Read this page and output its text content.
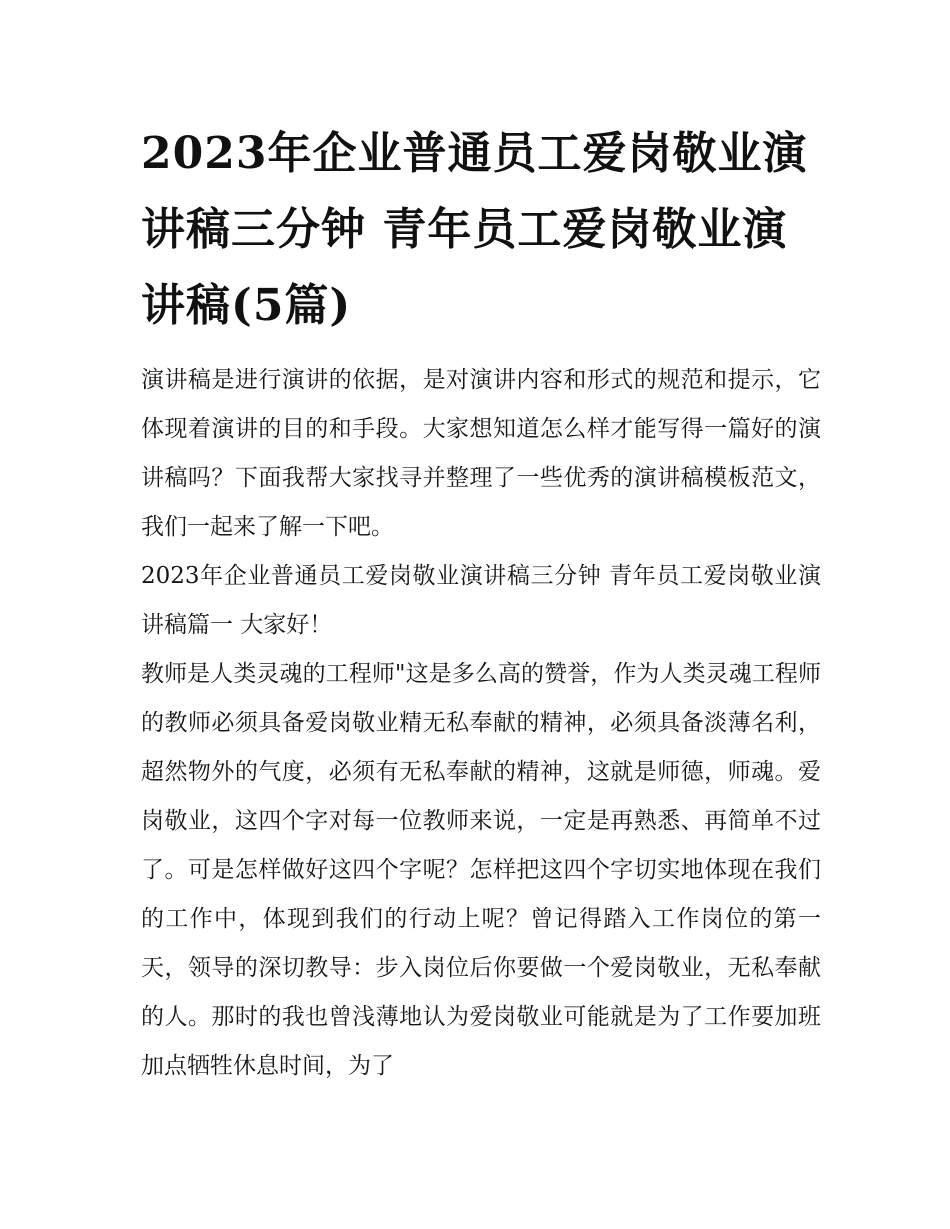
2023年企业普通员工爱岗敬业演讲稿三分钟 青年员工爱岗敬业演讲稿(5篇)

演讲稿是进行演讲的依据，是对演讲内容和形式的规范和提示，它体现着演讲的目的和手段。大家想知道怎么样才能写得一篇好的演讲稿吗？下面我帮大家找寻并整理了一些优秀的演讲稿模板范文，我们一起来了解一下吧。

2023年企业普通员工爱岗敬业演讲稿三分钟 青年员工爱岗敬业演讲稿篇一 大家好！

教师是人类灵魂的工程师"这是多么高的赞誉，作为人类灵魂工程师的教师必须具备爱岗敬业精无私奉献的精神，必须具备淡薄名利，超然物外的气度，必须有无私奉献的精神，这就是师德，师魂。爱岗敬业，这四个字对每一位教师来说，一定是再熟悉、再简单不过了。可是怎样做好这四个字呢？怎样把这四个字切实地体现在我们的工作中，体现到我们的行动上呢？曾记得踏入工作岗位的第一天，领导的深切教导：步入岗位后你要做一个爱岗敬业，无私奉献的人。那时的我也曾浅薄地认为爱岗敬业可能就是为了工作要加班加点牺牲休息时间，为了
